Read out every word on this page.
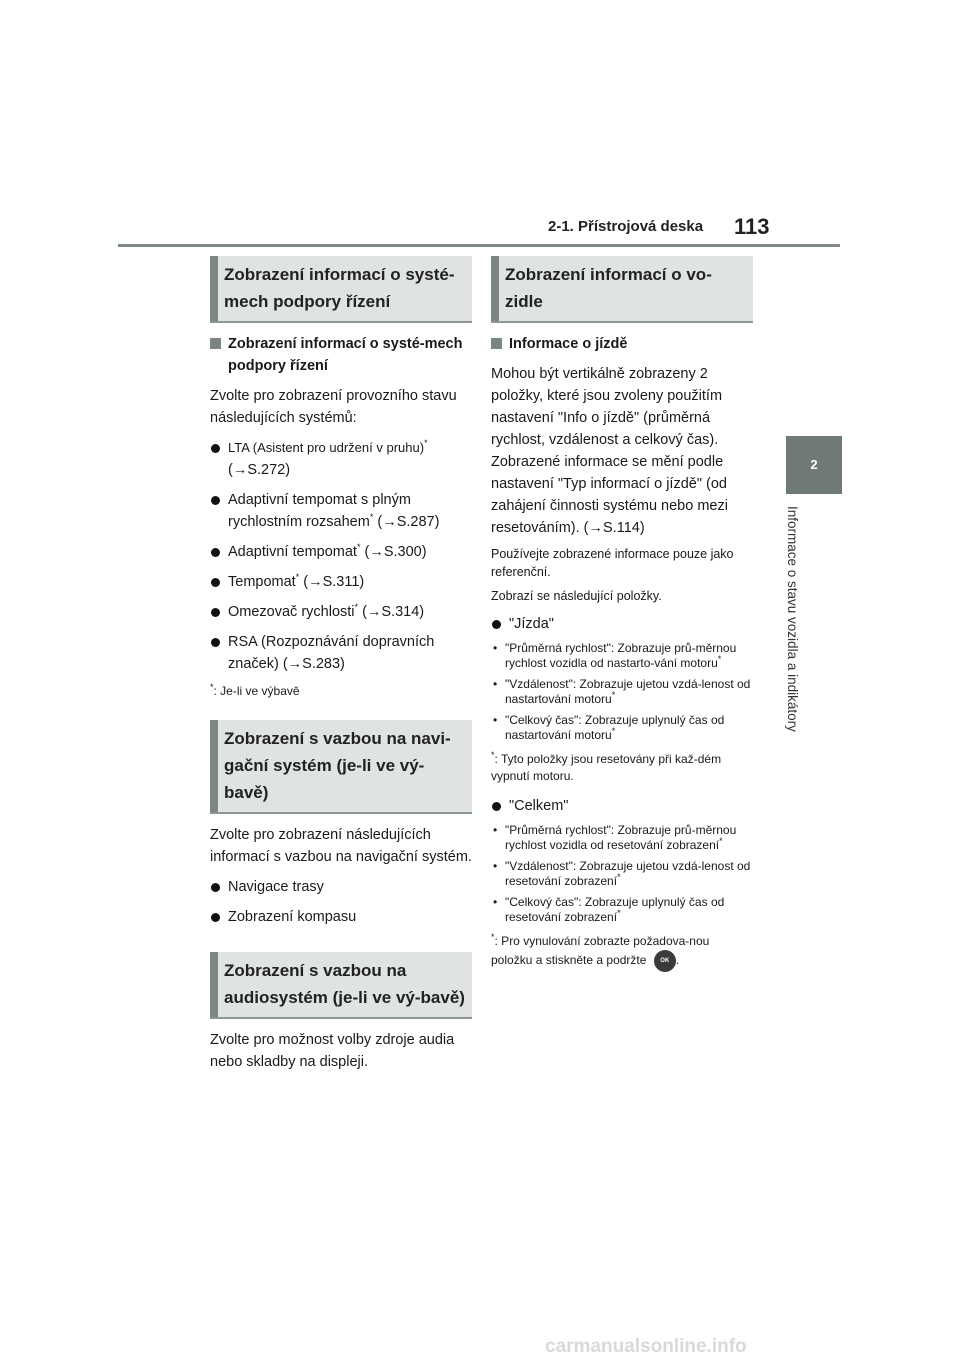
2-1. Přístrojová deska 113
2
Informace o stavu vozidla a indikátory
Zobrazení informací o systé-mech podpory řízení
Zobrazení informací o systé-mech podpory řízení
Zvolte pro zobrazení provozního stavu následujících systémů:
LTA (Asistent pro udržení v pruhu)*
(→S.272)
Adaptivní tempomat s plným rychlostním rozsahem* (→S.287)
Adaptivní tempomat* (→S.300)
Tempomat* (→S.311)
Omezovač rychlosti* (→S.314)
RSA (Rozpoznávání dopravních značek) (→S.283)
*: Je-li ve výbavě
Zobrazení s vazbou na navi-gační systém (je-li ve vý-bavě)
Zvolte pro zobrazení následujících informací s vazbou na navigační systém.
Navigace trasy
Zobrazení kompasu
Zobrazení s vazbou na audiosystém (je-li ve vý-bavě)
Zvolte pro možnost volby zdroje audia nebo skladby na displeji.
Zobrazení informací o vo-zidle
Informace o jízdě
Mohou být vertikálně zobrazeny 2 položky, které jsou zvoleny použitím nastavení "Info o jízdě" (průměrná rychlost, vzdálenost a celkový čas). Zobrazené informace se mění podle nastavení "Typ informací o jízdě" (od zahájení činnosti systému nebo mezi resetováním). (→S.114)
Používejte zobrazené informace pouze jako referenční.
Zobrazí se následující položky.
"Jízda"
• "Průměrná rychlost": Zobrazuje prů-měrnou rychlost vozidla od nastarto-vání motoru*
• "Vzdálenost": Zobrazuje ujetou vzdá-lenost od nastartování motoru*
• "Celkový čas": Zobrazuje uplynulý čas od nastartování motoru*
*: Tyto položky jsou resetovány při kaž-dém vypnutí motoru.
"Celkem"
• "Průměrná rychlost": Zobrazuje prů-měrnou rychlost vozidla od resetování zobrazení*
• "Vzdálenost": Zobrazuje ujetou vzdá-lenost od resetování zobrazení*
• "Celkový čas": Zobrazuje uplynulý čas od resetování zobrazení*
*: Pro vynulování zobrazte požadova-nou položku a stiskněte a podržte OK .
carmanualsonline.info
